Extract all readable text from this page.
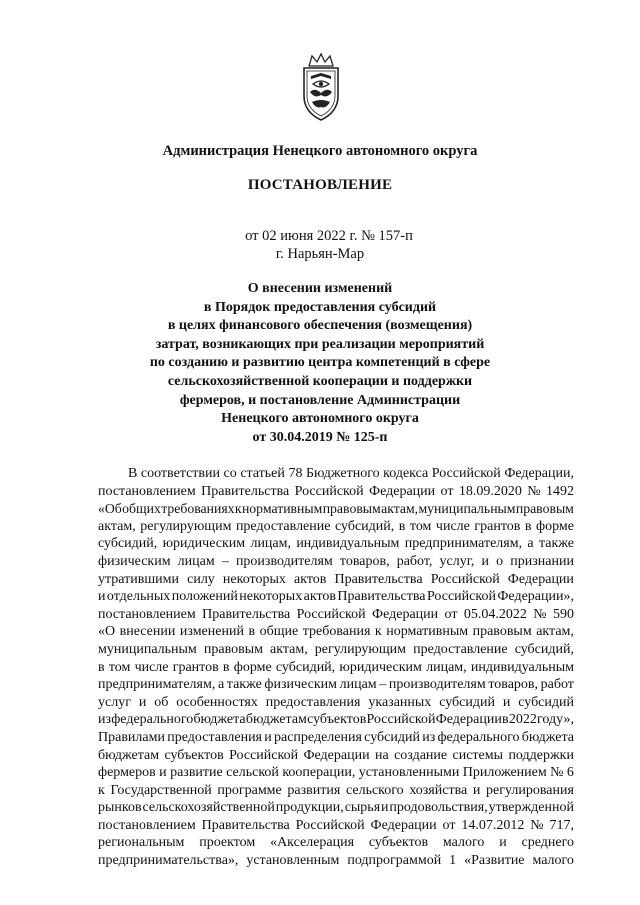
Администрация Ненецкого автономного округа
ПОСТАНОВЛЕНИЕ
от 02 июня 2022 г. № 157-п
г. Нарьян-Мар
О внесении изменений
в Порядок предоставления субсидий
в целях финансового обеспечения (возмещения)
затрат, возникающих при реализации мероприятий
по созданию и развитию центра компетенций в сфере
сельскохозяйственной кооперации и поддержки
фермеров, и постановление Администрации
Ненецкого автономного округа
от 30.04.2019 № 125-п
В соответствии со статьей 78 Бюджетного кодекса Российской Федерации,
постановлением Правительства Российской Федерации от 18.09.2020 № 1492
«Об общих требованиях к нормативным правовым актам, муниципальным правовым
актам, регулирующим предоставление субсидий, в том числе грантов в форме
субсидий, юридическим лицам, индивидуальным предпринимателям, а также
физическим лицам – производителям товаров, работ, услуг, и о признании
утратившими силу некоторых актов Правительства Российской Федерации
и отдельных положений некоторых актов Правительства Российской Федерации»,
постановлением Правительства Российской Федерации от 05.04.2022 № 590
«О внесении изменений в общие требования к нормативным правовым актам,
муниципальным правовым актам, регулирующим предоставление субсидий,
в том числе грантов в форме субсидий, юридическим лицам, индивидуальным
предпринимателям, а также физическим лицам – производителям товаров, работ
услуг и об особенностях предоставления указанных субсидий и субсидий
из федерального бюджета бюджетам субъектов Российской Федерации в 2022 году»,
Правилами предоставления и распределения субсидий из федерального бюджета
бюджетам субъектов Российской Федерации на создание системы поддержки
фермеров и развитие сельской кооперации, установленными Приложением № 6
к Государственной программе развития сельского хозяйства и регулирования
рынков сельскохозяйственной продукции, сырья и продовольствия, утвержденной
постановлением Правительства Российской Федерации от 14.07.2012 № 717,
региональным проектом «Акселерация субъектов малого и среднего
предпринимательства», установленным подпрограммой 1 «Развитие малого
